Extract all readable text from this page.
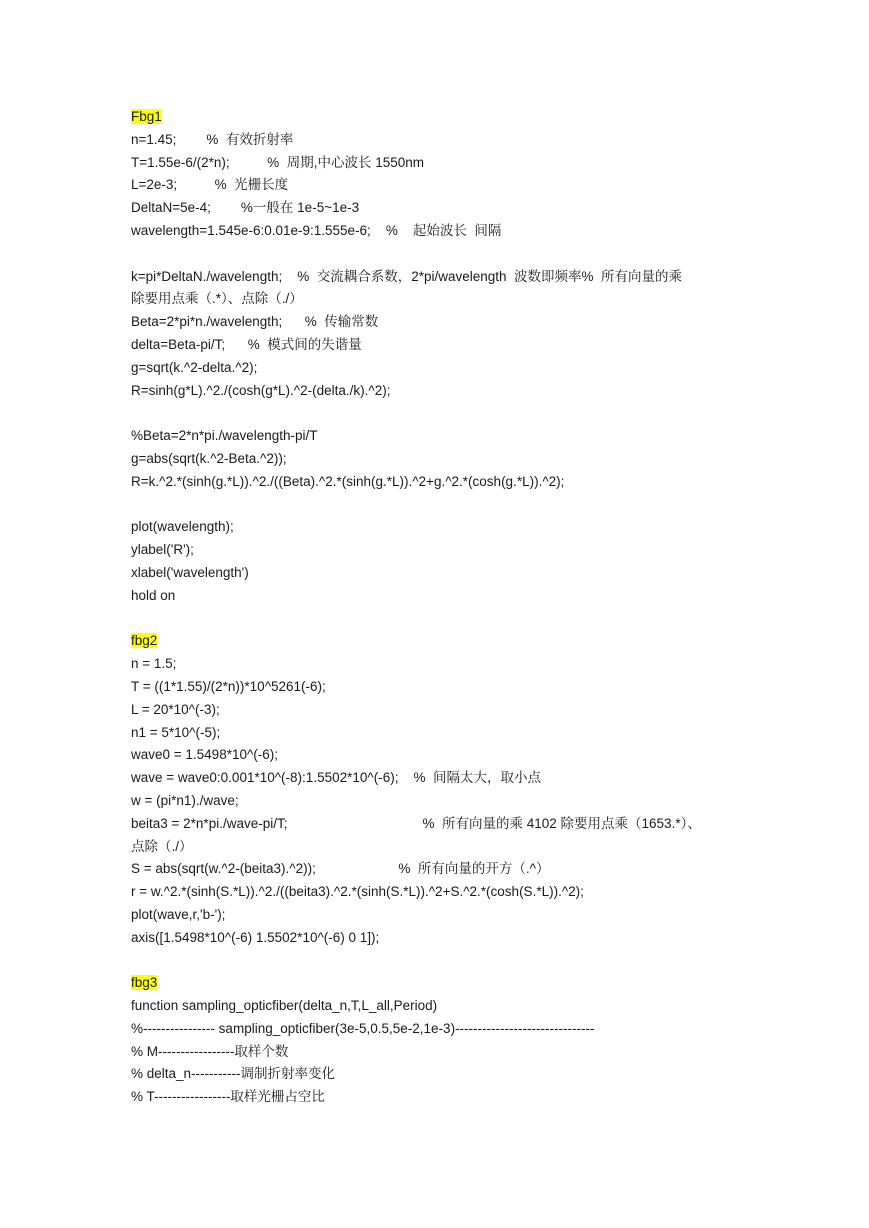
Fbg1
n=1.45;        %  有效折射率
T=1.55e-6/(2*n);          %  周期,中心波长 1550nm
L=2e-3;          %  光栅长度
DeltaN=5e-4;        %一般在 1e-5~1e-3
wavelength=1.545e-6:0.01e-9:1.555e-6;    %    起始波长  间隔
k=pi*DeltaN./wavelength;    %  交流耦合系数，2*pi/wavelength  波数即频率%  所有向量的乘
除要用点乘（.*）、点除（./）
Beta=2*pi*n./wavelength;      %  传输常数
delta=Beta-pi/T;      %  模式间的失谐量
g=sqrt(k.^2-delta.^2);
R=sinh(g*L).^2./(cosh(g*L).^2-(delta./k).^2);
%Beta=2*n*pi./wavelength-pi/T
g=abs(sqrt(k.^2-Beta.^2));
R=k.^2.*(sinh(g.*L)).^2./((Beta).^2.*(sinh(g.*L)).^2+g.^2.*(cosh(g.*L)).^2);
plot(wavelength);
ylabel('R');
xlabel('wavelength')
hold on
fbg2
n = 1.5;
T = ((1*1.55)/(2*n))*10^5261(-6);
L = 20*10^(-3);
n1 = 5*10^(-5);
wave0 = 1.5498*10^(-6);
wave = wave0:0.001*10^(-8):1.5502*10^(-6);    %  间隔太大，取小点
w = (pi*n1)./wave;
beita3 = 2*n*pi./wave-pi/T;                                    %  所有向量的乘 4102 除要用点乘（1653.*）、
点除（./）
S = abs(sqrt(w.^2-(beita3).^2));                      %  所有向量的开方（.^）
r = w.^2.*(sinh(S.*L)).^2./((beita3).^2.*(sinh(S.*L)).^2+S.^2.*(cosh(S.*L)).^2);
plot(wave,r,'b-');
axis([1.5498*10^(-6) 1.5502*10^(-6) 0 1]);
fbg3
function sampling_opticfiber(delta_n,T,L_all,Period)
%---------------- sampling_opticfiber(3e-5,0.5,5e-2,1e-3)-------------------------------
% M-----------------取样个数
% delta_n-----------调制折射率变化
% T-----------------取样光栅占空比
